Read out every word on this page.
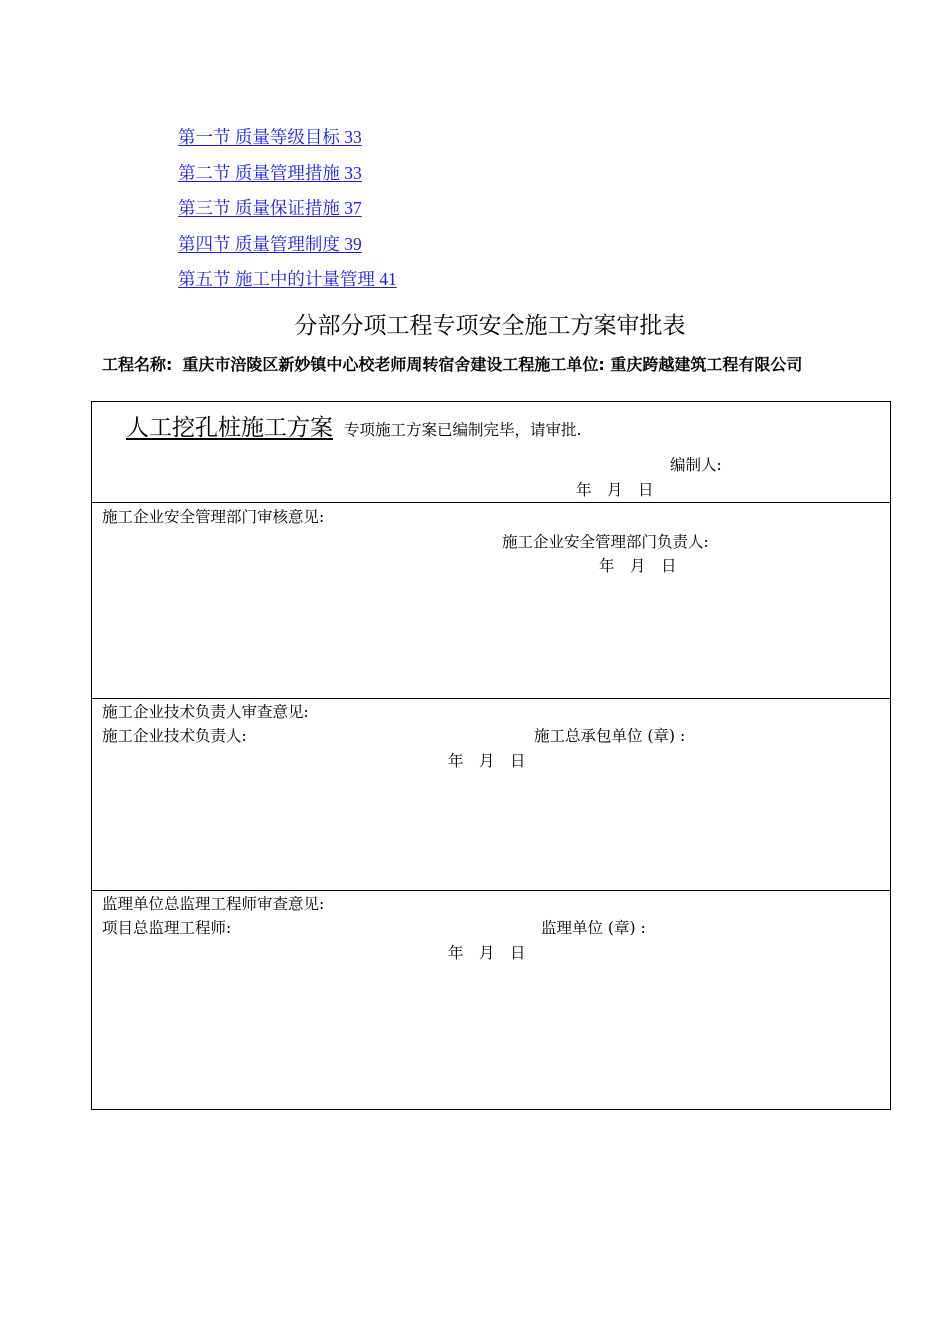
第一节 质量等级目标 33
第二节 质量管理措施 33
第三节 质量保证措施 37
第四节 质量管理制度 39
第五节 施工中的计量管理 41
分部分项工程专项安全施工方案审批表
工程名称: 重庆市涪陵区新妙镇中心校老师周转宿舍建设工程施工单位: 重庆跨越建筑工程有限公司
人工挖孔桩施工方案 专项施工方案已编制完毕，请审批.
编制人:
年　月　日

施工企业安全管理部门审核意见:
施工企业安全管理部门负责人:
年　月　日

施工企业技术负责人审查意见:
施工企业技术负责人:	施工总承包单位 (章) :
年　月　日

监理单位总监理工程师审查意见:
项目总监理工程师:	监理单位 (章) :
年　月　日
